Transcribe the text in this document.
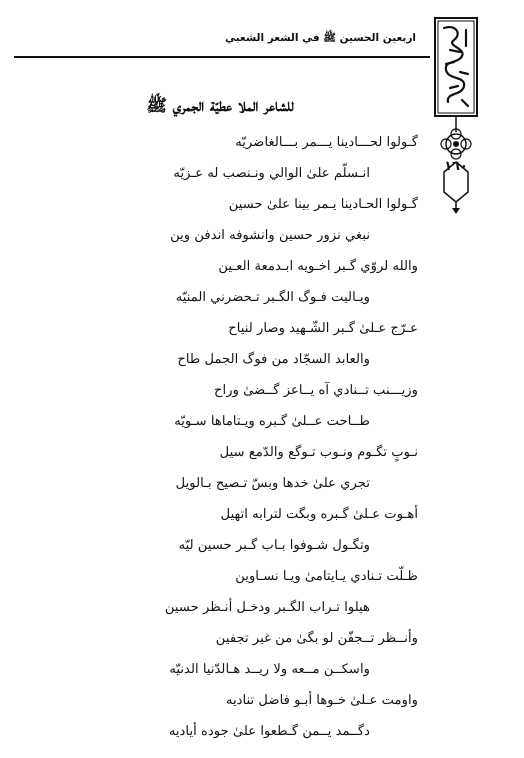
اربعين الحسين ﷺ في الشعر الشعبي
١٦٠
للشاعر الملا عطيّة الجمري ﷺ
گـولوا لحـــادينا يـــمر بـــالغاضريّه
انـسلّم علىٰ الوالي ونـنصب له عـزيّه
گـولوا الحـادينا يـمر بينا علىٰ حسين
نبغي نزور حسين وانشوفه اندفن وين
والله لروّي گـبر اخـويه ابـدمعة العـين
ويـاليت فـوگ الگـبر تـحضرني المنيّه
عـرّج عـلىٰ گـبر الشّـهيد وصار لنياح
والعابد السجّاد من فوگ الجمل طاح
وزيـــنب تــنادي آه يــاعز گــضىٰ وراح
طــاحت عــلىٰ گـبره ويـتاماها سـويّه
نـوبٍ تگـوم ونـوب تـوگع والدّمع سيل
تجري علىٰ خدها وبسّ تـصيح بـالويل
أهـوت عـلىٰ گـبره وبگت لترابه اتهيل
وتگـول شـوفوا بـاب گـبر حسين ليّه
ظـلّت تـنادي يـايتامىٰ ويـا نسـاوين
هيلوا تـراب الگـبر ودخـل أنـظر حسين
وأنــظر تــجفّن لو بگىٰ من غير تجفين
واسكــن مــعه ولا ريــد هـالدّنيا الدنيّه
واومت عـلىٰ خـوها أبـو فاضل تناديه
دگــمد يــمن گـطعوا علىٰ جوده أياديه
